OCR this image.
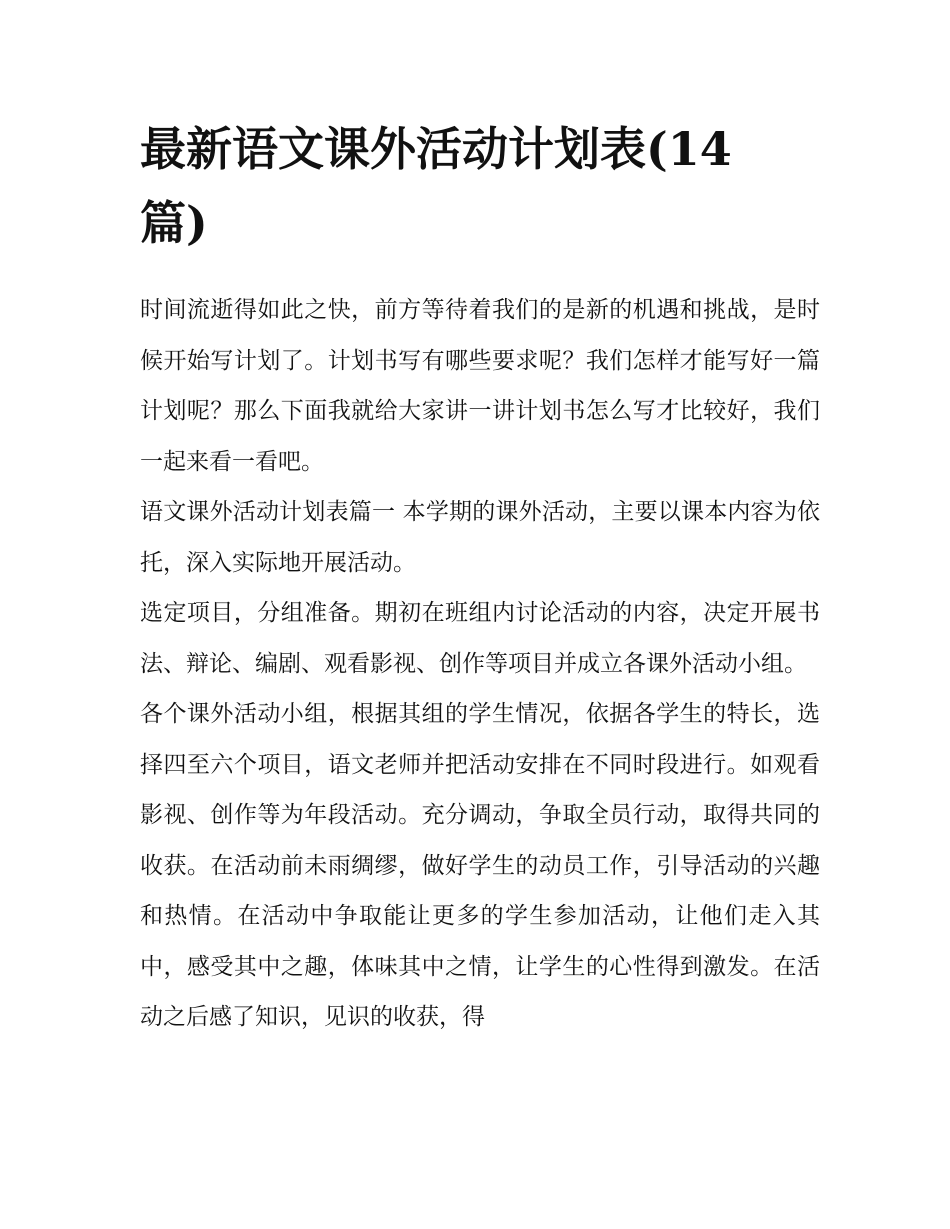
最新语文课外活动计划表(14篇)

时间流逝得如此之快，前方等待着我们的是新的机遇和挑战，是时候开始写计划了。计划书写有哪些要求呢？我们怎样才能写好一篇计划呢？那么下面我就给大家讲一讲计划书怎么写才比较好，我们一起来看一看吧。

语文课外活动计划表篇一 本学期的课外活动，主要以课本内容为依托，深入实际地开展活动。

选定项目，分组准备。期初在班组内讨论活动的内容，决定开展书法、辩论、编剧、观看影视、创作等项目并成立各课外活动小组。

各个课外活动小组，根据其组的学生情况，依据各学生的特长，选择四至六个项目，语文老师并把活动安排在不同时段进行。如观看影视、创作等为年段活动。充分调动，争取全员行动，取得共同的收获。在活动前未雨绸缪，做好学生的动员工作，引导活动的兴趣和热情。在活动中争取能让更多的学生参加活动，让他们走入其中，感受其中之趣，体味其中之情，让学生的心性得到激发。在活动之后感了知识，见识的收获，得
